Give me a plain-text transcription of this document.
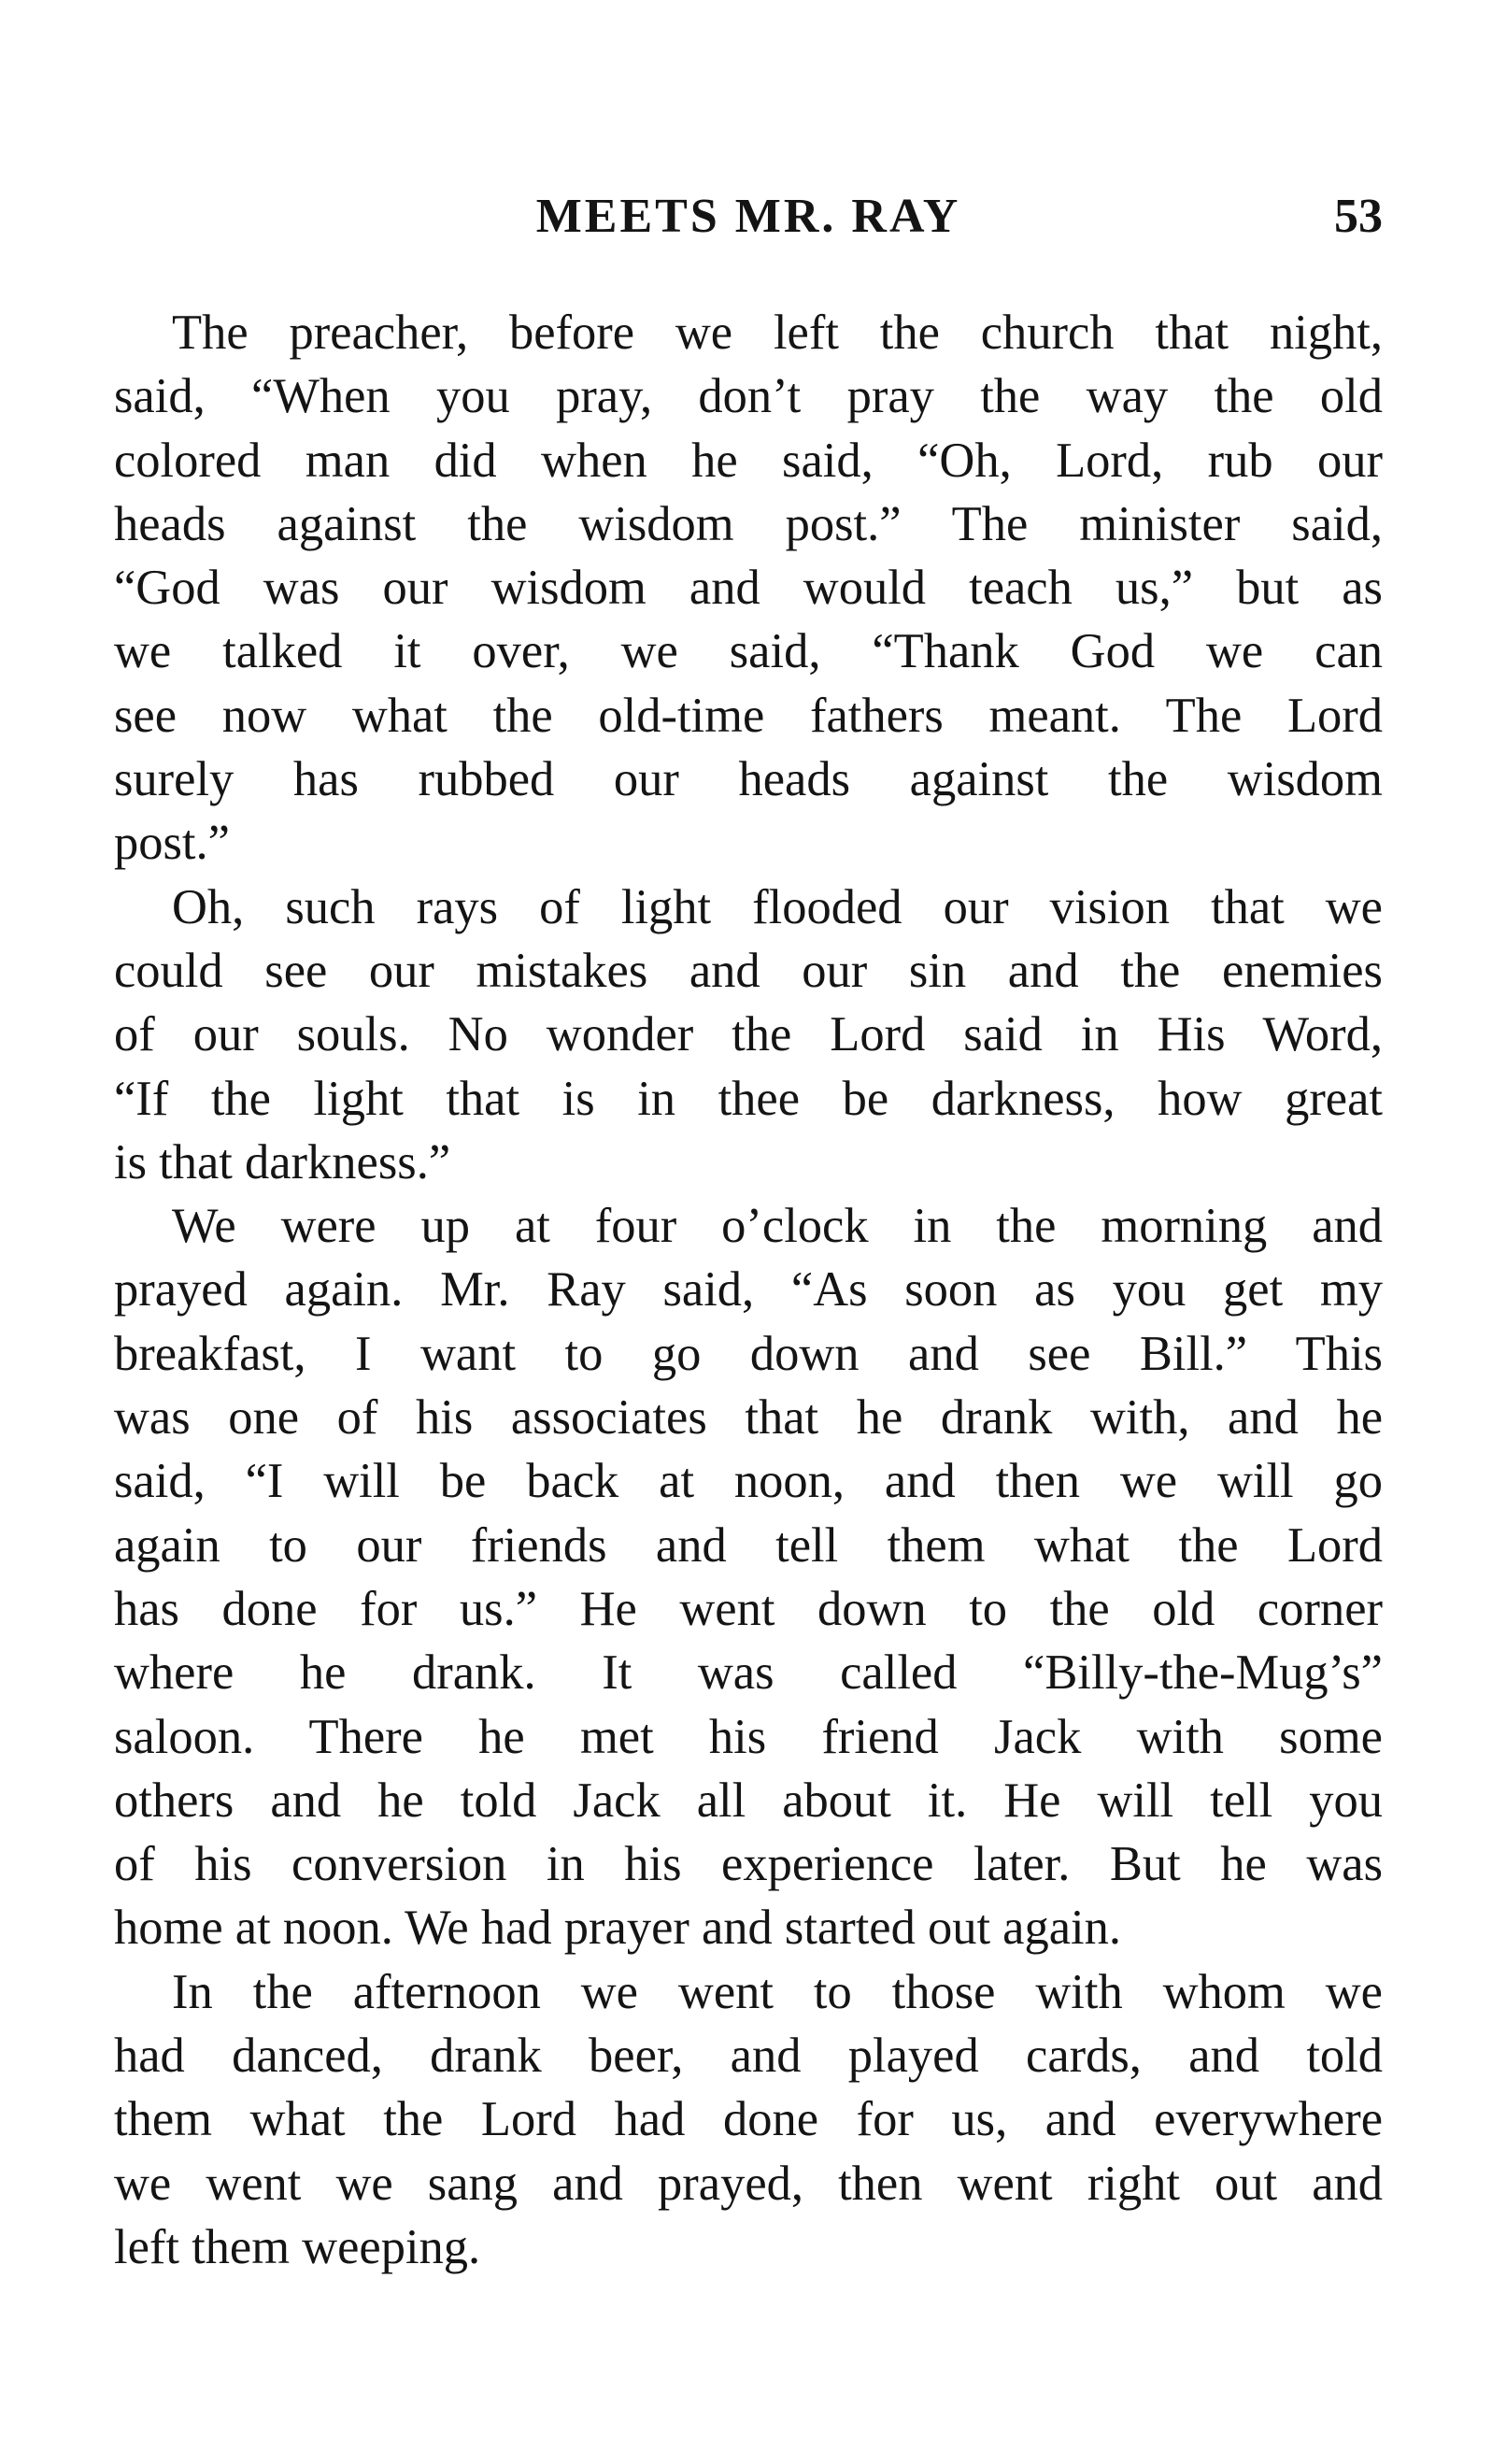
MEETS MR. RAY	53

The preacher, before we left the church that night,
said, “When you pray, don’t pray the way the old
colored man did when he said, “Oh, Lord, rub our
heads against the wisdom post.” The minister said,
“God was our wisdom and would teach us,” but as
we talked it over, we said, “Thank God we can
see now what the old-time fathers meant. The Lord
surely has rubbed our heads against the wisdom
post.”

Oh, such rays of light flooded our vision that we
could see our mistakes and our sin and the enemies
of our souls. No wonder the Lord said in His Word,
“If the light that is in thee be darkness, how great
is that darkness.”

We were up at four o’clock in the morning and
prayed again. Mr. Ray said, “As soon as you get my
breakfast, I want to go down and see Bill.” This
was one of his associates that he drank with, and he
said, “I will be back at noon, and then we will go
again to our friends and tell them what the Lord
has done for us.” He went down to the old corner
where he drank. It was called “Billy-the-Mug’s”
saloon. There he met his friend Jack with some
others and he told Jack all about it. He will tell you
of his conversion in his experience later. But he was
home at noon. We had prayer and started out again.

In the afternoon we went to those with whom we
had danced, drank beer, and played cards, and told
them what the Lord had done for us, and everywhere
we went we sang and prayed, then went right out and
left them weeping.
